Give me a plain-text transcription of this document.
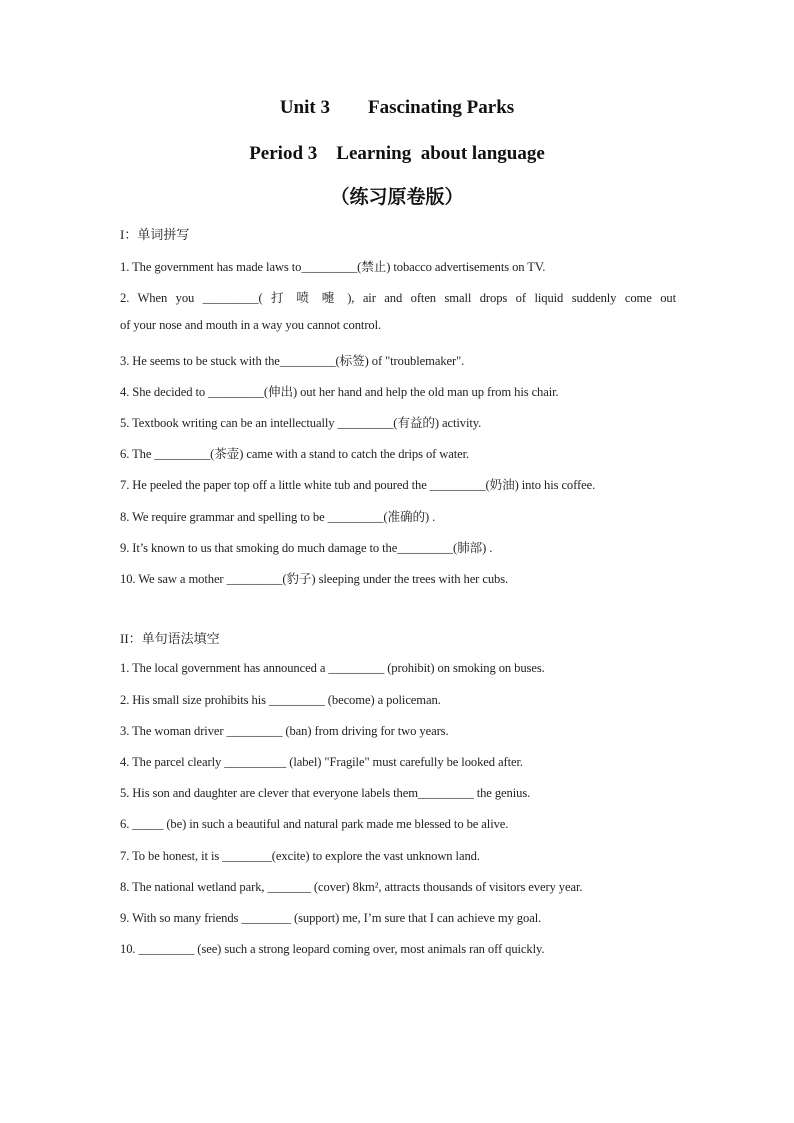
Unit 3        Fascinating Parks
Period 3    Learning  about language
（练习原卷版）
I：单词拼写
1. The government has made laws to_________(禁止) tobacco advertisements on TV.
2. When you _________( 打 喷 嚏 ), air and often small drops of liquid suddenly come out
of your nose and mouth in a way you cannot control.
3. He seems to be stuck with the_________(标签) of "troublemaker".
4. She decided to _________(伸出) out her hand and help the old man up from his chair.
5. Textbook writing can be an intellectually _________(有益的) activity.
6. The _________(茶壶) came with a stand to catch the drips of water.
7. He peeled the paper top off a little white tub and poured the _________(奶油) into his coffee.
8. We require grammar and spelling to be _________(准确的) .
9. It’s known to us that smoking do much damage to the_________(肺部) .
10. We saw a mother _________(豹子) sleeping under the trees with her cubs.
II：单句语法填空
1. The local government has announced a _________ (prohibit) on smoking on buses.
2. His small size prohibits his _________ (become) a policeman.
3. The woman driver _________ (ban) from driving for two years.
4. The parcel clearly __________ (label) "Fragile" must carefully be looked after.
5. His son and daughter are clever that everyone labels them_________ the genius.
6. _____ (be) in such a beautiful and natural park made me blessed to be alive.
7. To be honest, it is ________(excite) to explore the vast unknown land.
8. The national wetland park, _______ (cover) 8km², attracts thousands of visitors every year.
9. With so many friends ________ (support) me, I’m sure that I can achieve my goal.
10. _________ (see) such a strong leopard coming over, most animals ran off quickly.
